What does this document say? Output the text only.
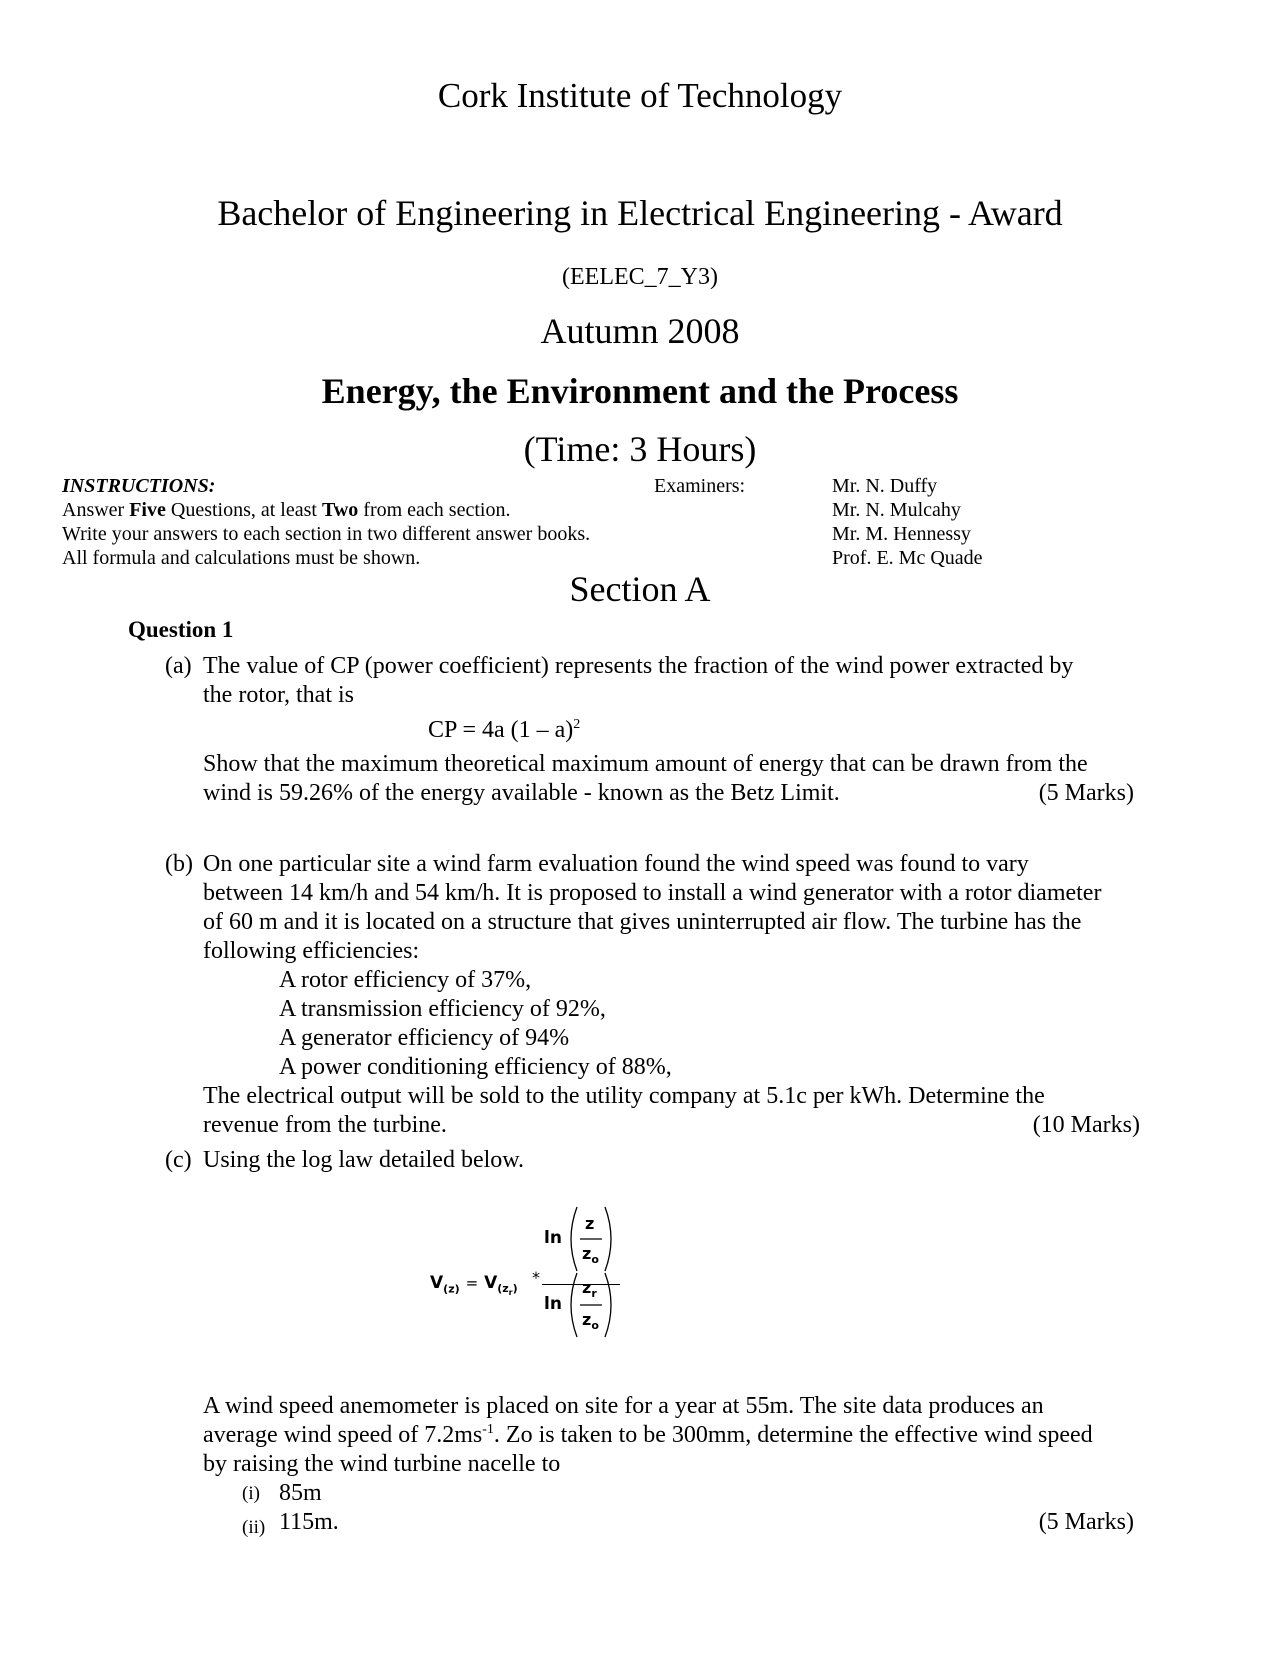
Cork Institute of Technology
Bachelor of Engineering in Electrical Engineering - Award
(EELEC_7_Y3)
Autumn 2008
Energy, the Environment and the Process
(Time: 3 Hours)
INSTRUCTIONS:
Answer Five Questions, at least Two from each section.
Write your answers to each section in two different answer books.
All formula and calculations must be shown.
Examiners:	Mr. N. Duffy
Mr. N. Mulcahy
Mr. M. Hennessy
Prof. E. Mc Quade
Section A
Question 1
(a) The value of CP (power coefficient) represents the fraction of the wind power extracted by
the rotor, that is
CP = 4a (1 – a)$^2$
Show that the maximum theoretical maximum amount of energy that can be drawn from the
wind is 59.26% of the energy available - known as the Betz Limit.	(5 Marks)
(b) On one particular site a wind farm evaluation found the wind speed was found to vary
between 14 km/h and 54 km/h. It is proposed to install a wind generator with a rotor diameter
of 60 m and it is located on a structure that gives uninterrupted air flow. The turbine has the
following efficiencies:
A rotor efficiency of 37%,
A transmission efficiency of 92%,
A generator efficiency of 94%
A power conditioning efficiency of 88%,
The electrical output will be sold to the utility company at 5.1c per kWh. Determine the
revenue from the turbine.	(10 Marks)
(c) Using the log law detailed below.
$V_{(z)} = V_{(z_r)}$
*
ln
z
$z_o$
ln
$z_r$
$z_o$
A wind speed anemometer is placed on site for a year at 55m. The site data produces an
average wind speed of $7.2ms^{-1}$. Zo is taken to be 300mm, determine the effective wind speed
by raising the wind turbine nacelle to
(i)
(ii)
85m
115m.	(5 Marks)
